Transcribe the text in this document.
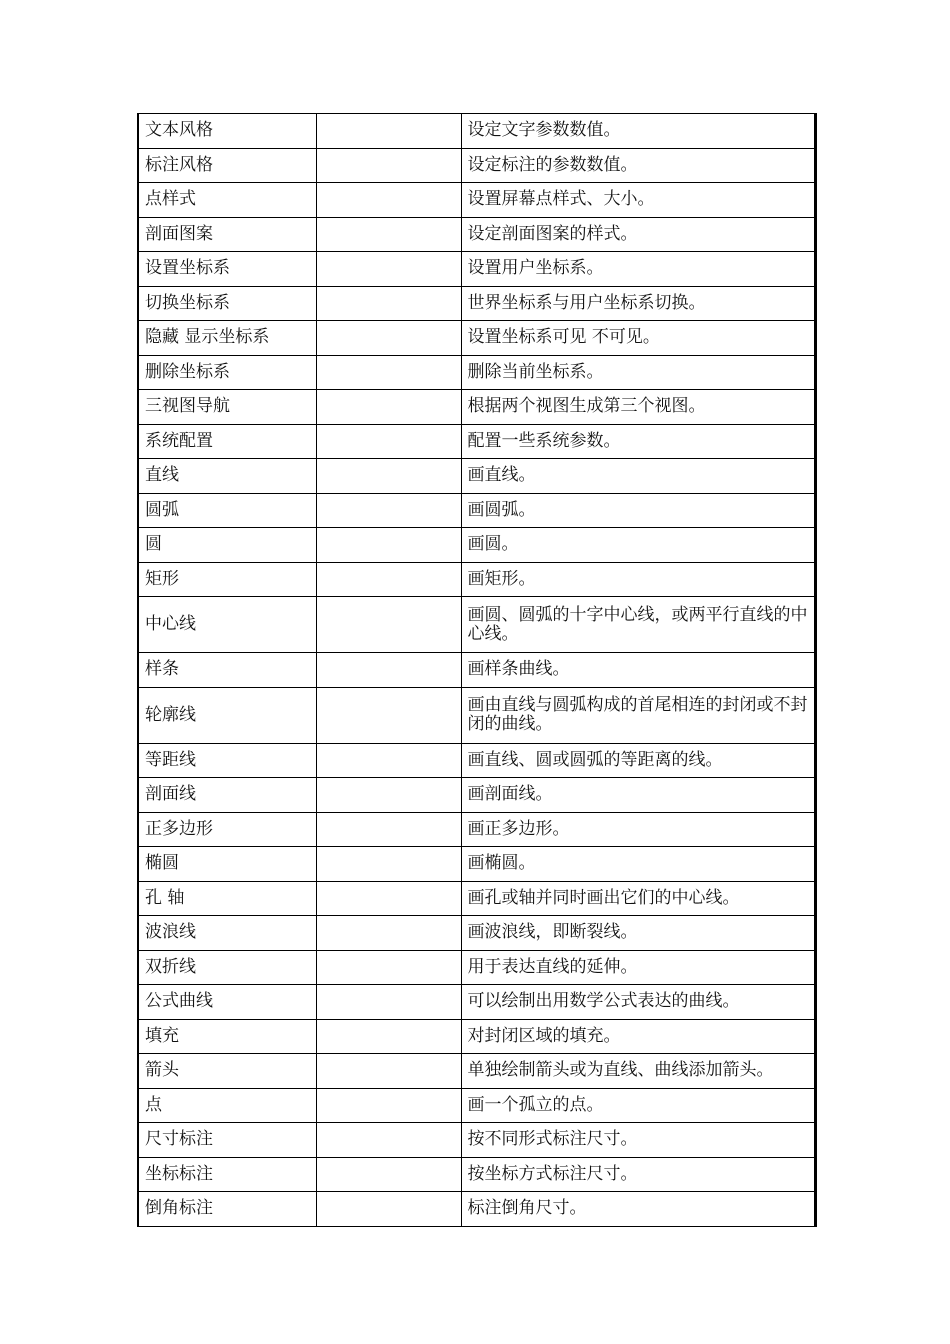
文本风格		设定文字参数数值。
标注风格		设定标注的参数数值。
点样式		设置屏幕点样式、大小。
剖面图案		设定剖面图案的样式。
设置坐标系		设置用户坐标系。
切换坐标系		世界坐标系与用户坐标系切换。
隐藏 显示坐标系		设置坐标系可见 不可见。
删除坐标系		删除当前坐标系。
三视图导航		根据两个视图生成第三个视图。
系统配置		配置一些系统参数。
直线		画直线。
圆弧		画圆弧。
圆		画圆。
矩形		画矩形。
中心线		画圆、圆弧的十字中心线，或两平行直线的中心线。
样条		画样条曲线。
轮廓线		画由直线与圆弧构成的首尾相连的封闭或不封闭的曲线。
等距线		画直线、圆或圆弧的等距离的线。
剖面线		画剖面线。
正多边形		画正多边形。
椭圆		画椭圆。
孔 轴		画孔或轴并同时画出它们的中心线。
波浪线		画波浪线，即断裂线。
双折线		用于表达直线的延伸。
公式曲线		可以绘制出用数学公式表达的曲线。
填充		对封闭区域的填充。
箭头		单独绘制箭头或为直线、曲线添加箭头。
点		画一个孤立的点。
尺寸标注		按不同形式标注尺寸。
坐标标注		按坐标方式标注尺寸。
倒角标注		标注倒角尺寸。
